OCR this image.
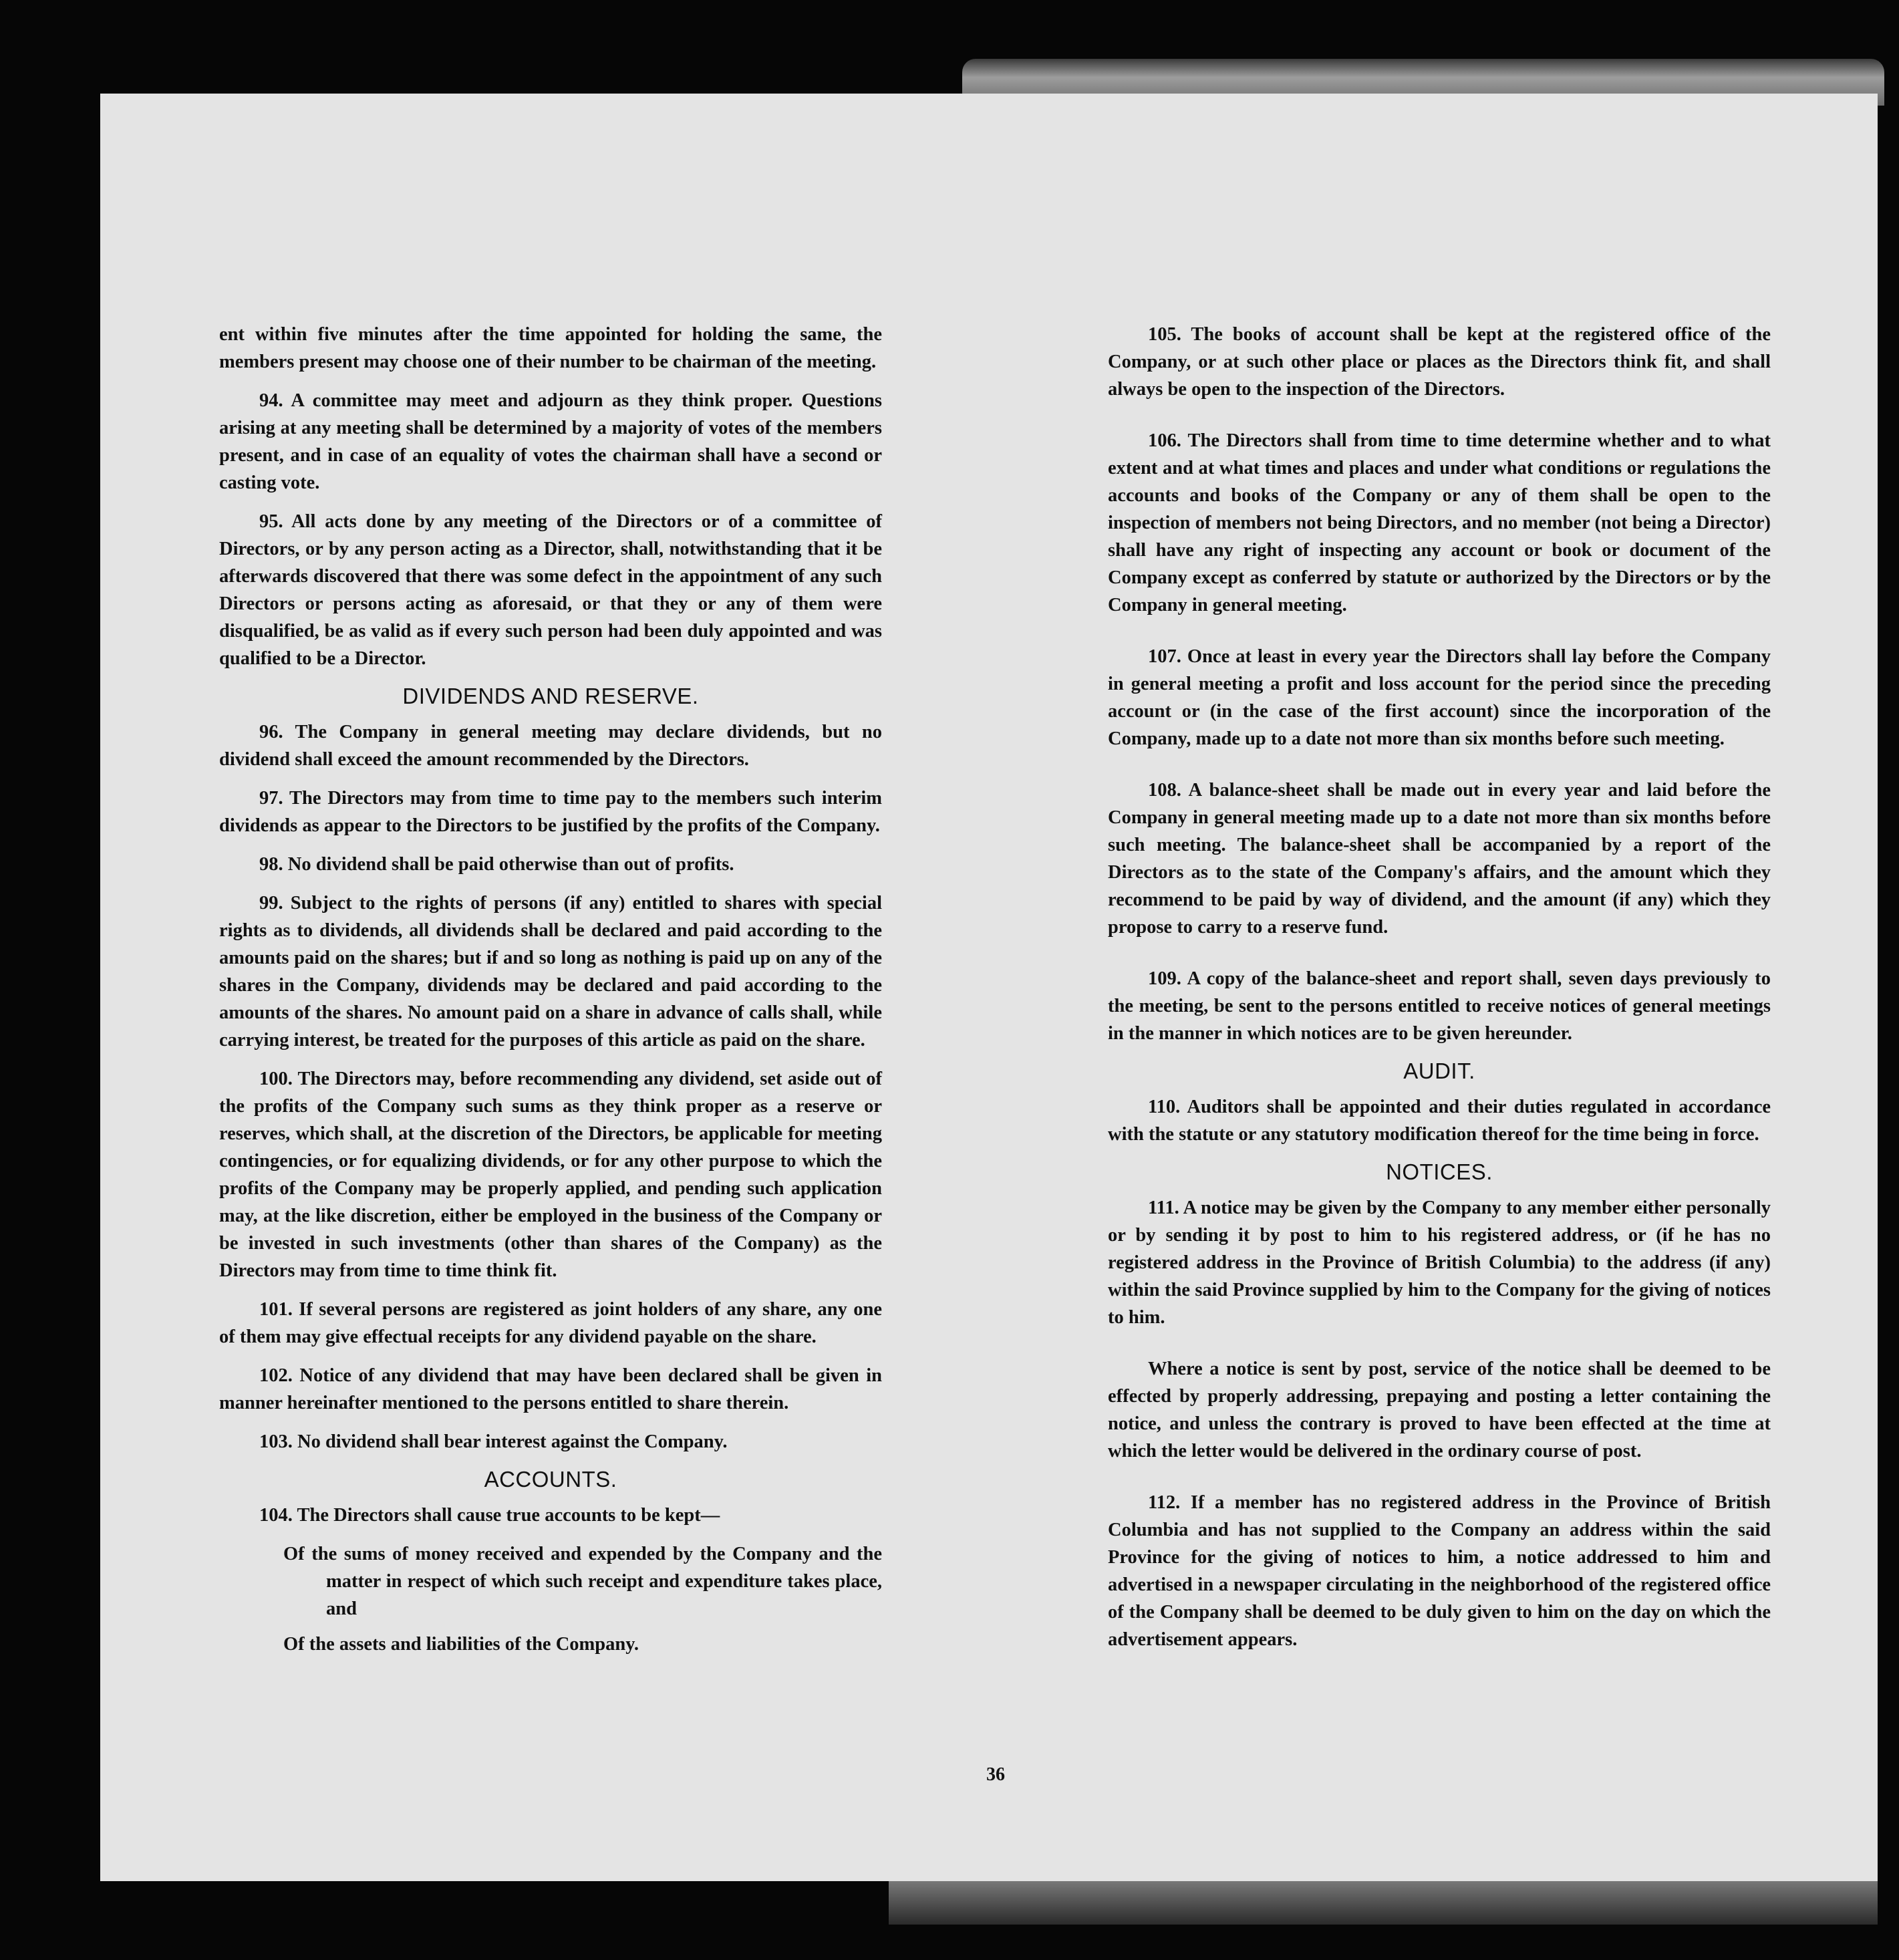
ent within five minutes after the time appointed for holding the same, the members present may choose one of their number to be chairman of the meeting.

94. A committee may meet and adjourn as they think proper. Questions arising at any meeting shall be determined by a majority of votes of the members present, and in case of an equality of votes the chairman shall have a second or casting vote.

95. All acts done by any meeting of the Directors or of a committee of Directors, or by any person acting as a Director, shall, notwithstanding that it be afterwards discovered that there was some defect in the appointment of any such Directors or persons acting as aforesaid, or that they or any of them were disqualified, be as valid as if every such person had been duly appointed and was qualified to be a Director.

DIVIDENDS AND RESERVE.

96. The Company in general meeting may declare dividends, but no dividend shall exceed the amount recommended by the Directors.

97. The Directors may from time to time pay to the members such interim dividends as appear to the Directors to be justified by the profits of the Company.

98. No dividend shall be paid otherwise than out of profits.

99. Subject to the rights of persons (if any) entitled to shares with special rights as to dividends, all dividends shall be declared and paid according to the amounts paid on the shares; but if and so long as nothing is paid up on any of the shares in the Company, dividends may be declared and paid according to the amounts of the shares. No amount paid on a share in advance of calls shall, while carrying interest, be treated for the purposes of this article as paid on the share.

100. The Directors may, before recommending any dividend, set aside out of the profits of the Company such sums as they think proper as a reserve or reserves, which shall, at the discretion of the Directors, be applicable for meeting contingencies, or for equalizing dividends, or for any other purpose to which the profits of the Company may be properly applied, and pending such application may, at the like discretion, either be employed in the business of the Company or be invested in such investments (other than shares of the Company) as the Directors may from time to time think fit.

101. If several persons are registered as joint holders of any share, any one of them may give effectual receipts for any dividend payable on the share.

102. Notice of any dividend that may have been declared shall be given in manner hereinafter mentioned to the persons entitled to share therein.

103. No dividend shall bear interest against the Company.

ACCOUNTS.

104. The Directors shall cause true accounts to be kept—

Of the sums of money received and expended by the Company and the matter in respect of which such receipt and expenditure takes place, and

Of the assets and liabilities of the Company.

105. The books of account shall be kept at the registered office of the Company, or at such other place or places as the Directors think fit, and shall always be open to the inspection of the Directors.

106. The Directors shall from time to time determine whether and to what extent and at what times and places and under what conditions or regulations the accounts and books of the Company or any of them shall be open to the inspection of members not being Directors, and no member (not being a Director) shall have any right of inspecting any account or book or document of the Company except as conferred by statute or authorized by the Directors or by the Company in general meeting.

107. Once at least in every year the Directors shall lay before the Company in general meeting a profit and loss account for the period since the preceding account or (in the case of the first account) since the incorporation of the Company, made up to a date not more than six months before such meeting.

108. A balance-sheet shall be made out in every year and laid before the Company in general meeting made up to a date not more than six months before such meeting. The balance-sheet shall be accompanied by a report of the Directors as to the state of the Company's affairs, and the amount which they recommend to be paid by way of dividend, and the amount (if any) which they propose to carry to a reserve fund.

109. A copy of the balance-sheet and report shall, seven days previously to the meeting, be sent to the persons entitled to receive notices of general meetings in the manner in which notices are to be given hereunder.

AUDIT.

110. Auditors shall be appointed and their duties regulated in accordance with the statute or any statutory modification thereof for the time being in force.

NOTICES.

111. A notice may be given by the Company to any member either personally or by sending it by post to him to his registered address, or (if he has no registered address in the Province of British Columbia) to the address (if any) within the said Province supplied by him to the Company for the giving of notices to him.

Where a notice is sent by post, service of the notice shall be deemed to be effected by properly addressing, prepaying and posting a letter containing the notice, and unless the contrary is proved to have been effected at the time at which the letter would be delivered in the ordinary course of post.

112. If a member has no registered address in the Province of British Columbia and has not supplied to the Company an address within the said Province for the giving of notices to him, a notice addressed to him and advertised in a newspaper circulating in the neighborhood of the registered office of the Company shall be deemed to be duly given to him on the day on which the advertisement appears.

36
